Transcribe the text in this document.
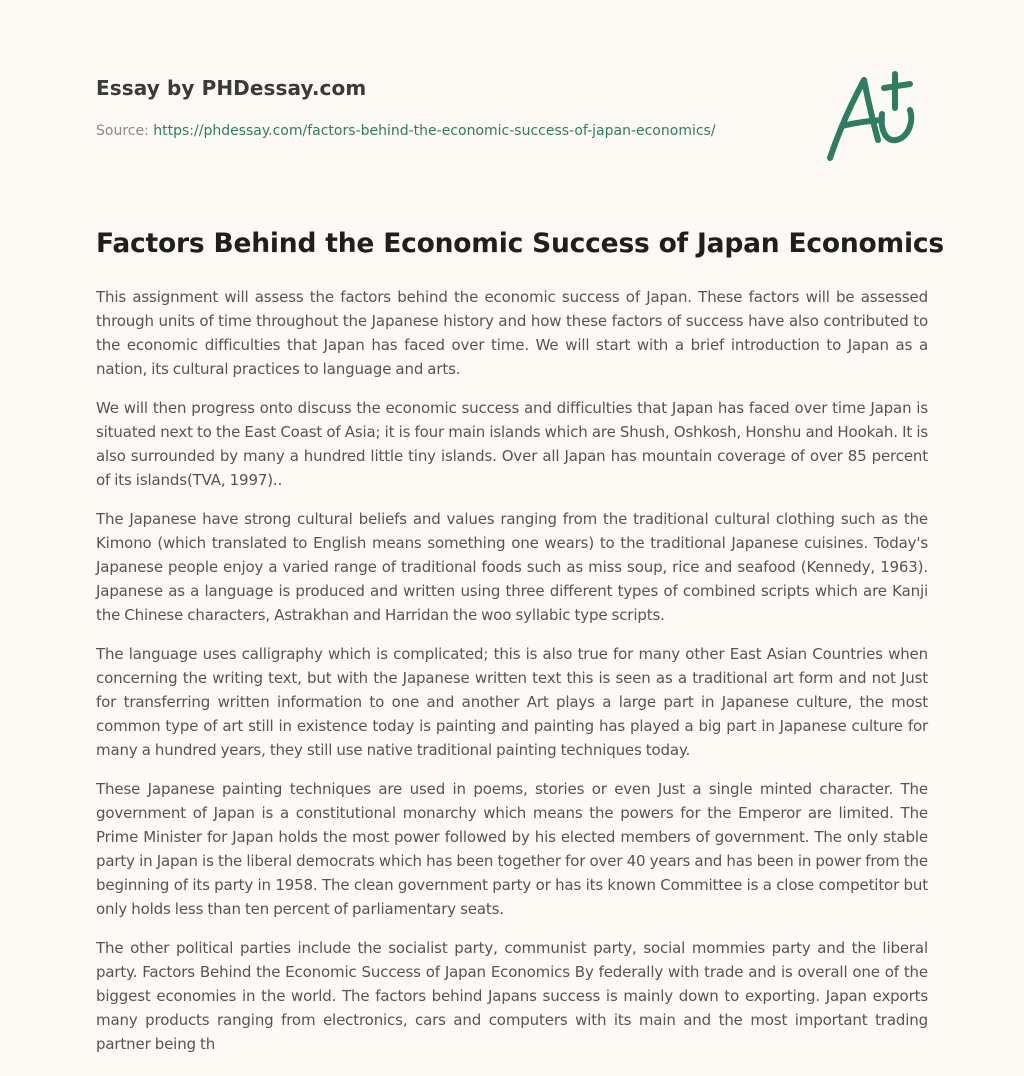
Essay by PHDessay.com
Source: https://phdessay.com/factors-behind-the-economic-success-of-japan-economics/
Factors Behind the Economic Success of Japan Economics

This assignment will assess the factors behind the economic success of Japan. These factors will be assessed through units of time throughout the Japanese history and how these factors of success have also contributed to the economic difficulties that Japan has faced over time. We will start with a brief introduction to Japan as a nation, its cultural practices to language and arts.

We will then progress onto discuss the economic success and difficulties that Japan has faced over time Japan is situated next to the East Coast of Asia; it is four main islands which are Shush, Oshkosh, Honshu and Hookah. It is also surrounded by many a hundred little tiny islands. Over all Japan has mountain coverage of over 85 percent of its islands(TVA, 1997)..

The Japanese have strong cultural beliefs and values ranging from the traditional cultural clothing such as the Kimono (which translated to English means something one wears) to the traditional Japanese cuisines. Today's Japanese people enjoy a varied range of traditional foods such as miss soup, rice and seafood (Kennedy, 1963). Japanese as a language is produced and written using three different types of combined scripts which are Kanji the Chinese characters, Astrakhan and Harridan the woo syllabic type scripts.

The language uses calligraphy which is complicated; this is also true for many other East Asian Countries when concerning the writing text, but with the Japanese written text this is seen as a traditional art form and not Just for transferring written information to one and another Art plays a large part in Japanese culture, the most common type of art still in existence today is painting and painting has played a big part in Japanese culture for many a hundred years, they still use native traditional painting techniques today.

These Japanese painting techniques are used in poems, stories or even Just a single minted character. The government of Japan is a constitutional monarchy which means the powers for the Emperor are limited. The Prime Minister for Japan holds the most power followed by his elected members of government. The only stable party in Japan is the liberal democrats which has been together for over 40 years and has been in power from the beginning of its party in 1958. The clean government party or has its known Committee is a close competitor but only holds less than ten percent of parliamentary seats.

The other political parties include the socialist party, communist party, social mommies party and the liberal party. Factors Behind the Economic Success of Japan Economics By federally with trade and is overall one of the biggest economies in the world. The factors behind Japans success is mainly down to exporting. Japan exports many products ranging from electronics, cars and computers with its main and the most important trading partner being th
